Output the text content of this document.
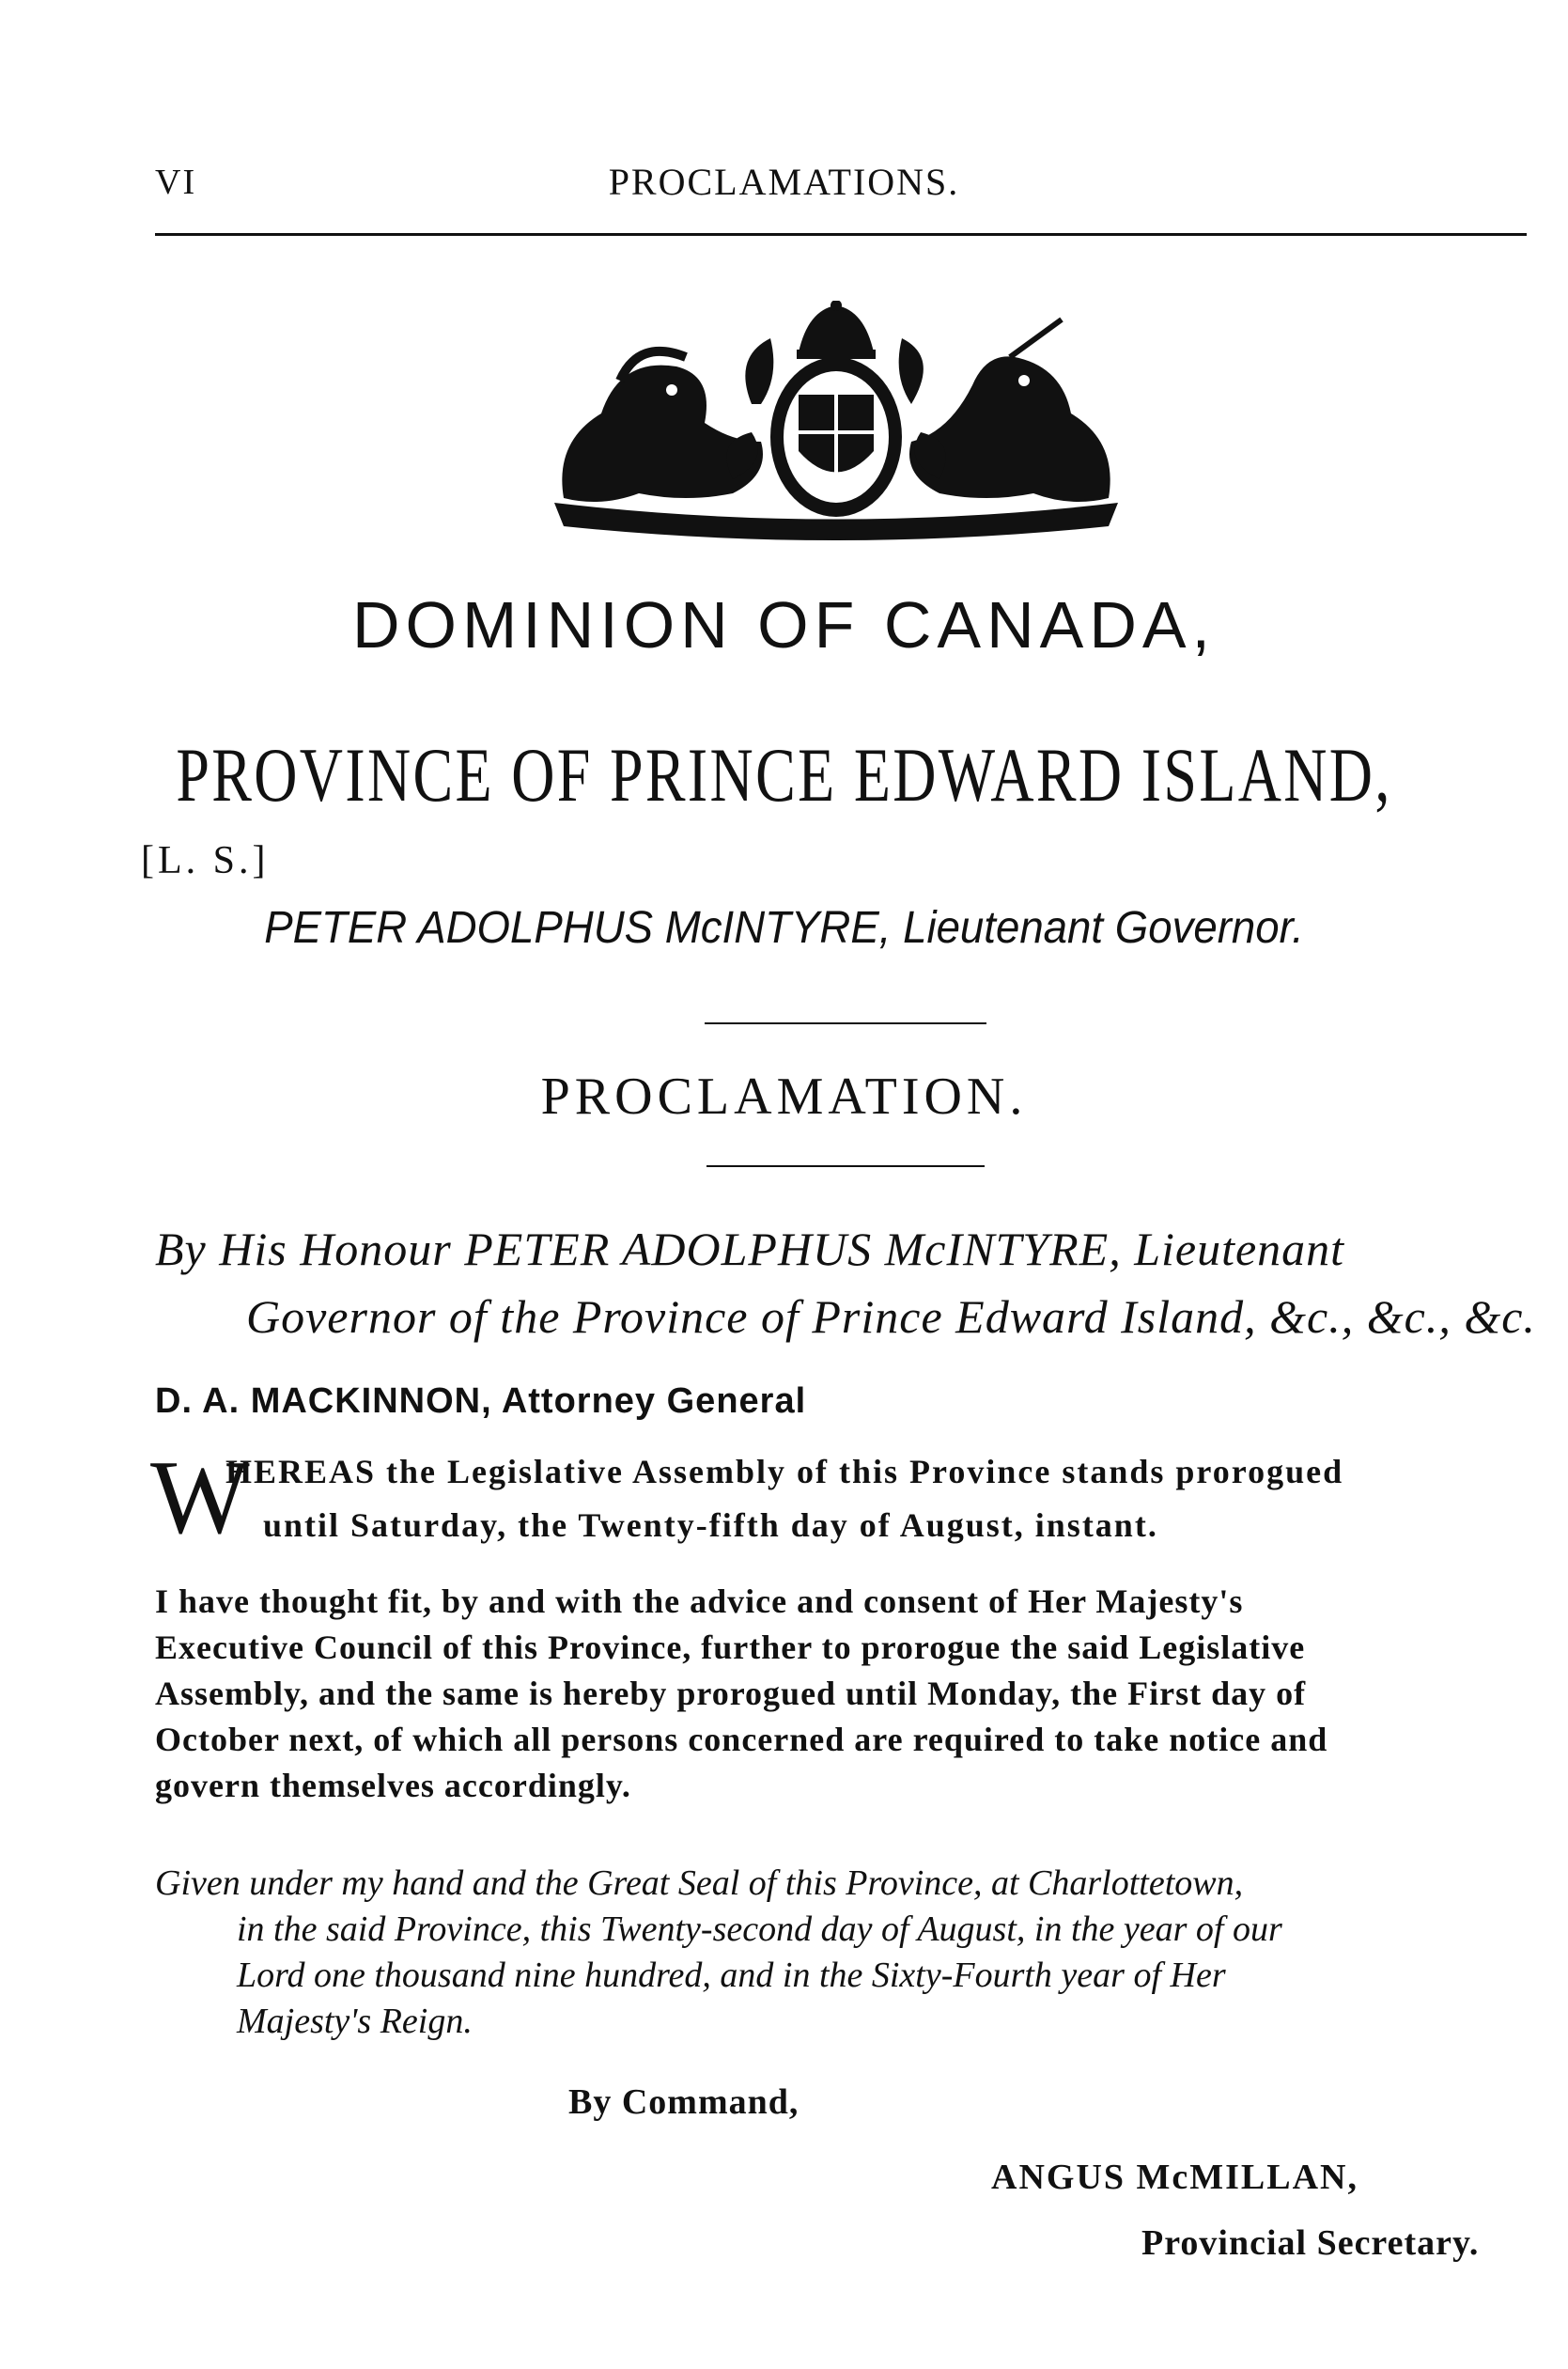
VI	PROCLAMATIONS.
DOMINION OF CANADA,
PROVINCE OF PRINCE EDWARD ISLAND,
[L. S.]
PETER ADOLPHUS McINTYRE, Lieutenant Governor.
PROCLAMATION.
By His Honour PETER ADOLPHUS McINTYRE, Lieutenant
Governor of the Province of Prince Edward Island, &c., &c., &c.
D. A. MACKINNON, Attorney General
W
HEREAS the Legislative Assembly of this Province stands prorogued
until Saturday, the Twenty-fifth day of August, instant.
I have thought fit, by and with the advice and consent of Her Majesty's
Executive Council of this Province, further to prorogue the said Legislative
Assembly, and the same is hereby prorogued until Monday, the First day of
October next, of which all persons concerned are required to take notice and
govern themselves accordingly.
Given under my hand and the Great Seal of this Province, at Charlottetown,
in the said Province, this Twenty-second day of August, in the year of our
Lord one thousand nine hundred, and in the Sixty-Fourth year of Her
Majesty's Reign.
By Command,
ANGUS McMILLAN,
Provincial Secretary.
